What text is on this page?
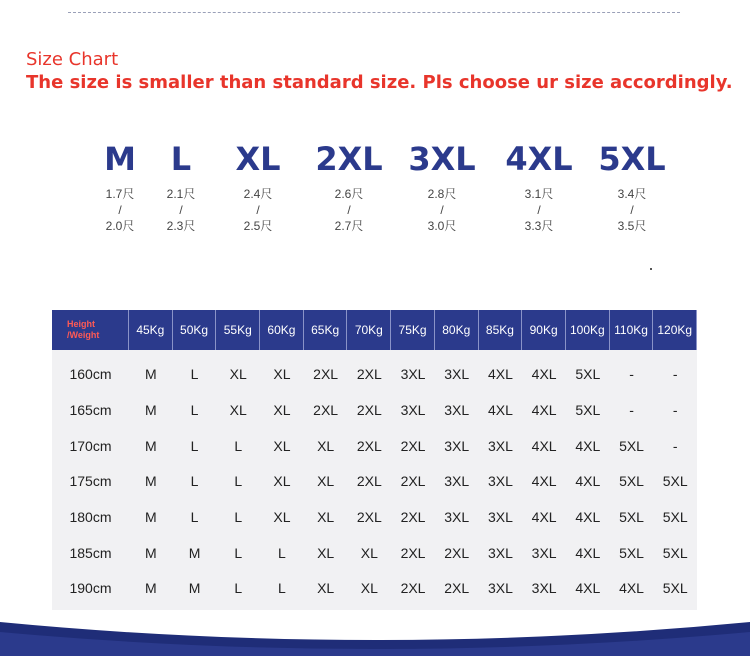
Size Chart
The size is smaller than standard size. Pls choose ur size accordingly.
M
1.7尺
/
2.0尺
L
2.1尺
/
2.3尺
XL
2.4尺
/
2.5尺
2XL
2.6尺
/
2.7尺
3XL
2.8尺
/
3.0尺
4XL
3.1尺
/
3.3尺
5XL
3.4尺
/
3.5尺
Height
/Weight	45Kg	50Kg	55Kg	60Kg	65Kg	70Kg	75Kg	80Kg	85Kg	90Kg	100Kg 110Kg 120Kg
160cm	M	L	XL	XL	2XL	2XL	3XL	3XL	4XL	4XL	5XL	-	-
165cm	M	L	XL	XL	2XL	2XL	3XL	3XL	4XL	4XL	5XL	-	-
170cm	M	L	L	XL	XL	2XL	2XL	3XL	3XL	4XL	4XL	5XL	-
175cm	M	L	L	XL	XL	2XL	2XL	3XL	3XL	4XL	4XL	5XL	5XL
180cm	M	L	L	XL	XL	2XL	2XL	3XL	3XL	4XL	4XL	5XL	5XL
185cm	M	M	L	L	XL	XL	2XL	2XL	3XL	3XL	4XL	5XL	5XL
190cm	M	M	L	L	XL	XL	2XL	2XL	3XL	3XL	4XL	4XL	5XL
